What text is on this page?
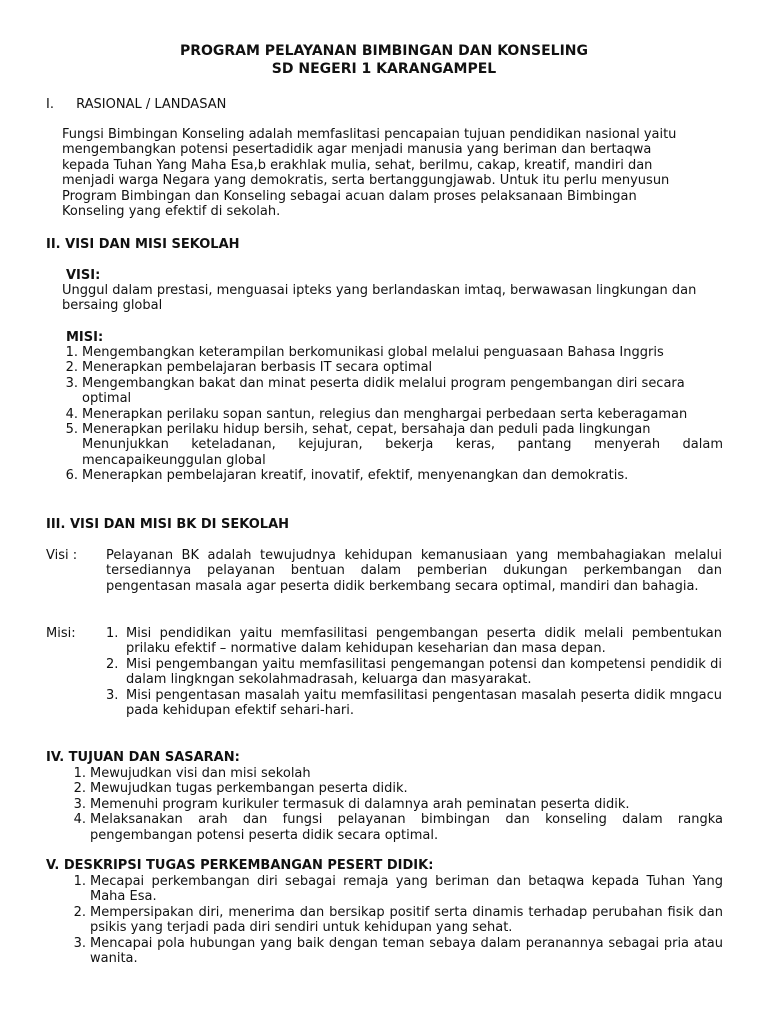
PROGRAM PELAYANAN BIMBINGAN DAN KONSELING
SD NEGERI 1 KARANGAMPEL
I. RASIONAL / LANDASAN
Fungsi Bimbingan Konseling adalah memfaslitasi pencapaian tujuan pendidikan nasional yaitu mengembangkan potensi pesertadidik agar menjadi manusia yang beriman dan bertaqwa kepada Tuhan Yang Maha Esa,b erakhlak mulia, sehat, berilmu, cakap, kreatif, mandiri dan menjadi warga Negara yang demokratis, serta bertanggungjawab. Untuk itu perlu menyusun Program Bimbingan dan Konseling sebagai acuan dalam proses pelaksanaan Bimbingan Konseling yang efektif di sekolah.
II. VISI DAN MISI SEKOLAH
VISI:
Unggul dalam prestasi, menguasai ipteks yang berlandaskan imtaq, berwawasan lingkungan dan bersaing global
MISI:
1. Mengembangkan keterampilan berkomunikasi global melalui penguasaan Bahasa Inggris
2. Menerapkan pembelajaran berbasis IT secara optimal
3. Mengembangkan bakat dan minat peserta didik melalui program pengembangan diri secara optimal
4. Menerapkan perilaku sopan santun, relegius dan menghargai perbedaan serta keberagaman
5. Menerapkan perilaku hidup bersih, sehat, cepat, bersahaja dan peduli pada lingkungan
Menunjukkan keteladanan, kejujuran, bekerja keras, pantang menyerah dalam mencapaikeunggulan global
6. Menerapkan pembelajaran kreatif, inovatif, efektif, menyenangkan dan demokratis.
III. VISI DAN MISI BK DI SEKOLAH
Visi : Pelayanan BK adalah tewujudnya kehidupan kemanusiaan yang membahagiakan melalui tersediannya pelayanan bentuan dalam pemberian dukungan perkembangan dan pengentasan masala agar peserta didik berkembang secara optimal, mandiri dan bahagia.
Misi: 1. Misi pendidikan yaitu memfasilitasi pengembangan peserta didik melali pembentukan prilaku efektif – normative dalam kehidupan keseharian dan masa depan.
2. Misi pengembangan yaitu memfasilitasi pengemangan potensi dan kompetensi pendidik di dalam lingkngan sekolahmadrasah, keluarga dan masyarakat.
3. Misi pengentasan masalah yaitu memfasilitasi pengentasan masalah peserta didik mngacu pada kehidupan efektif sehari-hari.
IV. TUJUAN DAN SASARAN:
1. Mewujudkan visi dan misi sekolah
2. Mewujudkan tugas perkembangan peserta didik.
3. Memenuhi program kurikuler termasuk di dalamnya arah peminatan peserta didik.
4. Melaksanakan arah dan fungsi pelayanan bimbingan dan konseling dalam rangka pengembangan potensi peserta didik secara optimal.
V. DESKRIPSI TUGAS PERKEMBANGAN PESERT DIDIK:
1. Mecapai perkembangan diri sebagai remaja yang beriman dan betaqwa kepada Tuhan Yang Maha Esa.
2. Mempersipakan diri, menerima dan bersikap positif serta dinamis terhadap perubahan fisik dan psikis yang terjadi pada diri sendiri untuk kehidupan yang sehat.
3. Mencapai pola hubungan yang baik dengan teman sebaya dalam peranannya sebagai pria atau wanita.
